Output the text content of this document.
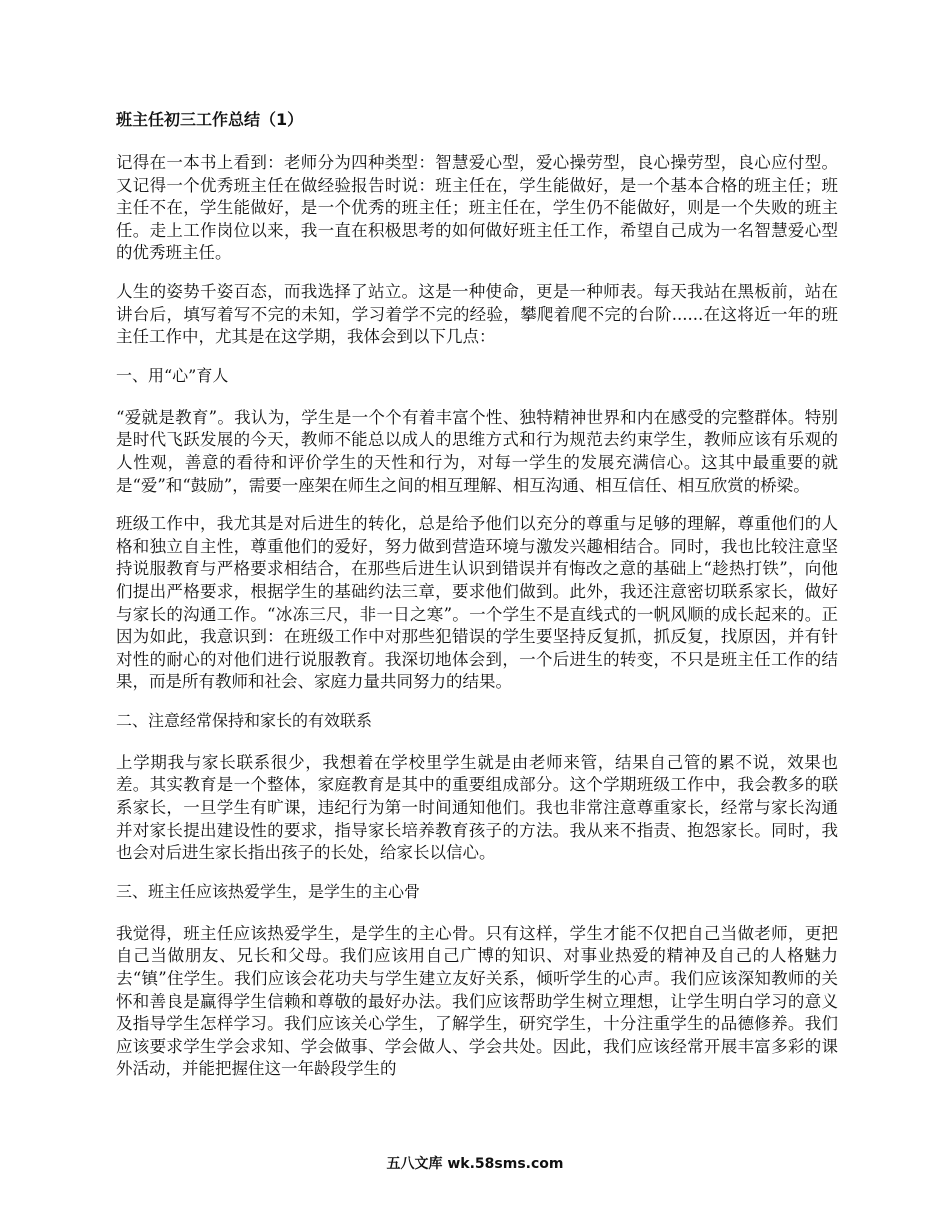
班主任初三工作总结（1）

记得在一本书上看到：老师分为四种类型：智慧爱心型，爱心操劳型，良心操劳型，良心应付型。又记得一个优秀班主任在做经验报告时说：班主任在，学生能做好，是一个基本合格的班主任；班主任不在，学生能做好，是一个优秀的班主任；班主任在，学生仍不能做好，则是一个失败的班主任。走上工作岗位以来，我一直在积极思考的如何做好班主任工作，希望自己成为一名智慧爱心型的优秀班主任。

人生的姿势千姿百态，而我选择了站立。这是一种使命，更是一种师表。每天我站在黑板前，站在讲台后，填写着写不完的未知，学习着学不完的经验，攀爬着爬不完的台阶......在这将近一年的班主任工作中，尤其是在这学期，我体会到以下几点：

一、用“心”育人

“爱就是教育”。我认为，学生是一个个有着丰富个性、独特精神世界和内在感受的完整群体。特别是时代飞跃发展的今天，教师不能总以成人的思维方式和行为规范去约束学生，教师应该有乐观的人性观，善意的看待和评价学生的天性和行为，对每一学生的发展充满信心。这其中最重要的就是“爱”和“鼓励”，需要一座架在师生之间的相互理解、相互沟通、相互信任、相互欣赏的桥梁。

班级工作中，我尤其是对后进生的转化，总是给予他们以充分的尊重与足够的理解，尊重他们的人格和独立自主性，尊重他们的爱好，努力做到营造环境与激发兴趣相结合。同时，我也比较注意坚持说服教育与严格要求相结合，在那些后进生认识到错误并有悔改之意的基础上“趁热打铁”，向他们提出严格要求，根据学生的基础约法三章，要求他们做到。此外，我还注意密切联系家长，做好与家长的沟通工作。“冰冻三尺，非一日之寒”。一个学生不是直线式的一帆风顺的成长起来的。正因为如此，我意识到：在班级工作中对那些犯错误的学生要坚持反复抓，抓反复，找原因，并有针对性的耐心的对他们进行说服教育。我深切地体会到，一个后进生的转变，不只是班主任工作的结果，而是所有教师和社会、家庭力量共同努力的结果。

二、注意经常保持和家长的有效联系

上学期我与家长联系很少，我想着在学校里学生就是由老师来管，结果自己管的累不说，效果也差。其实教育是一个整体，家庭教育是其中的重要组成部分。这个学期班级工作中，我会教多的联系家长，一旦学生有旷课，违纪行为第一时间通知他们。我也非常注意尊重家长，经常与家长沟通并对家长提出建设性的要求，指导家长培养教育孩子的方法。我从来不指责、抱怨家长。同时，我也会对后进生家长指出孩子的长处，给家长以信心。

三、班主任应该热爱学生，是学生的主心骨

我觉得，班主任应该热爱学生，是学生的主心骨。只有这样，学生才能不仅把自己当做老师，更把自己当做朋友、兄长和父母。我们应该用自己广博的知识、对事业热爱的精神及自己的人格魅力去“镇”住学生。我们应该会花功夫与学生建立友好关系，倾听学生的心声。我们应该深知教师的关怀和善良是赢得学生信赖和尊敬的最好办法。我们应该帮助学生树立理想，让学生明白学习的意义及指导学生怎样学习。我们应该关心学生，了解学生，研究学生，十分注重学生的品德修养。我们应该要求学生学会求知、学会做事、学会做人、学会共处。因此，我们应该经常开展丰富多彩的课外活动，并能把握住这一年龄段学生的

五八文库 wk.58sms.com
